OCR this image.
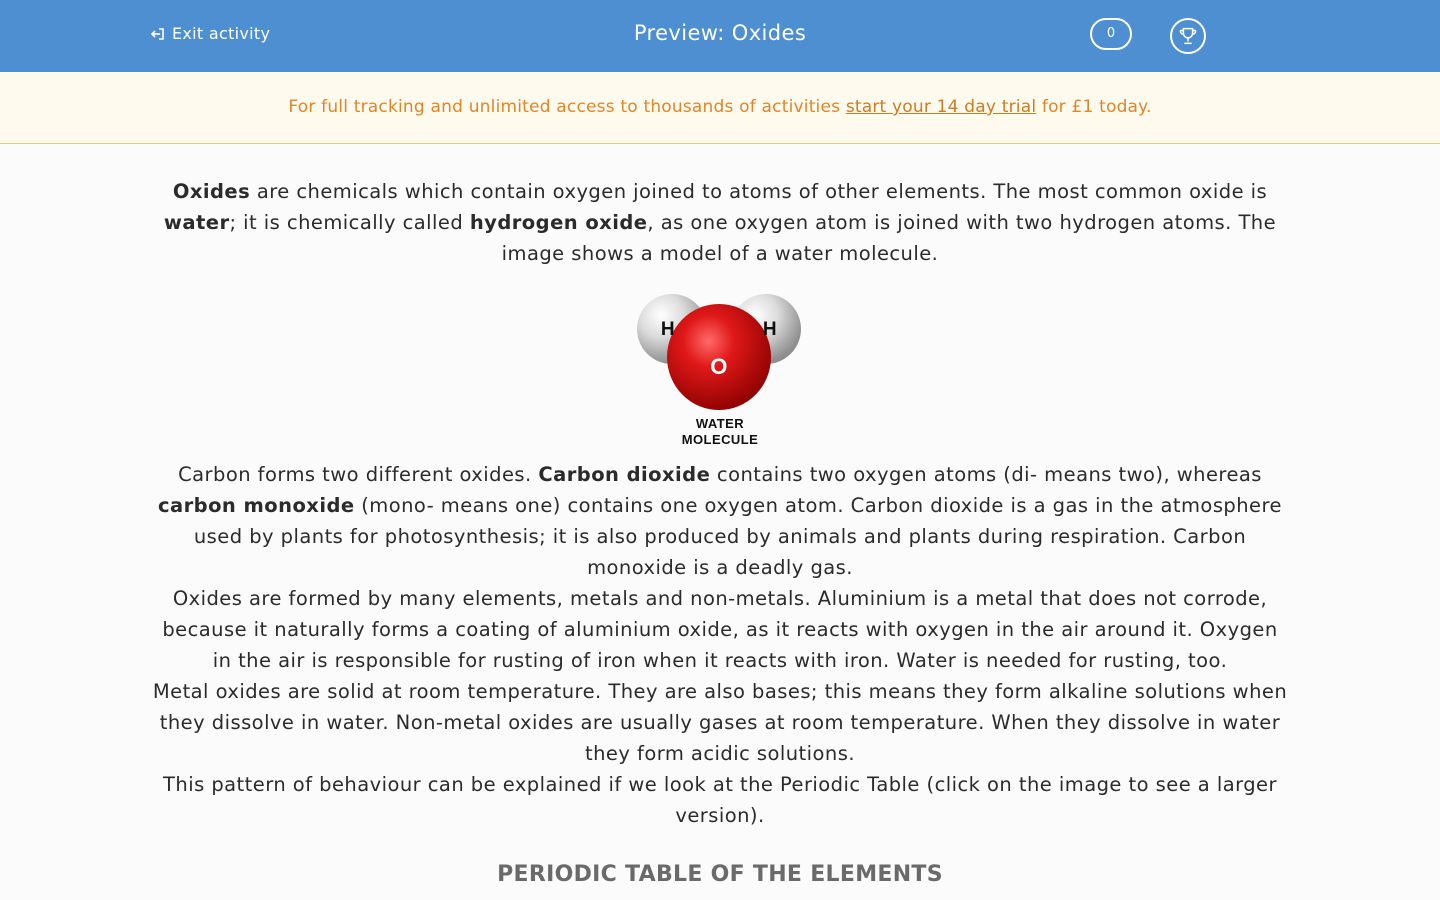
Exit activity	Preview: Oxides	0
For full tracking and unlimited access to thousands of activities start your 14 day trial for £1 today.

Oxides are chemicals which contain oxygen joined to atoms of other elements. The most common oxide is water; it is chemically called hydrogen oxide, as one oxygen atom is joined with two hydrogen atoms. The image shows a model of a water molecule.

H	H
O
WATER
MOLECULE

Carbon forms two different oxides. Carbon dioxide contains two oxygen atoms (di- means two), whereas carbon monoxide (mono- means one) contains one oxygen atom. Carbon dioxide is a gas in the atmosphere used by plants for photosynthesis; it is also produced by animals and plants during respiration. Carbon monoxide is a deadly gas.

Oxides are formed by many elements, metals and non-metals. Aluminium is a metal that does not corrode, because it naturally forms a coating of aluminium oxide, as it reacts with oxygen in the air around it. Oxygen in the air is responsible for rusting of iron when it reacts with iron. Water is needed for rusting, too.

Metal oxides are solid at room temperature. They are also bases; this means they form alkaline solutions when they dissolve in water. Non-metal oxides are usually gases at room temperature. When they dissolve in water they form acidic solutions.

This pattern of behaviour can be explained if we look at the Periodic Table (click on the image to see a larger version).

PERIODIC TABLE OF THE ELEMENTS
